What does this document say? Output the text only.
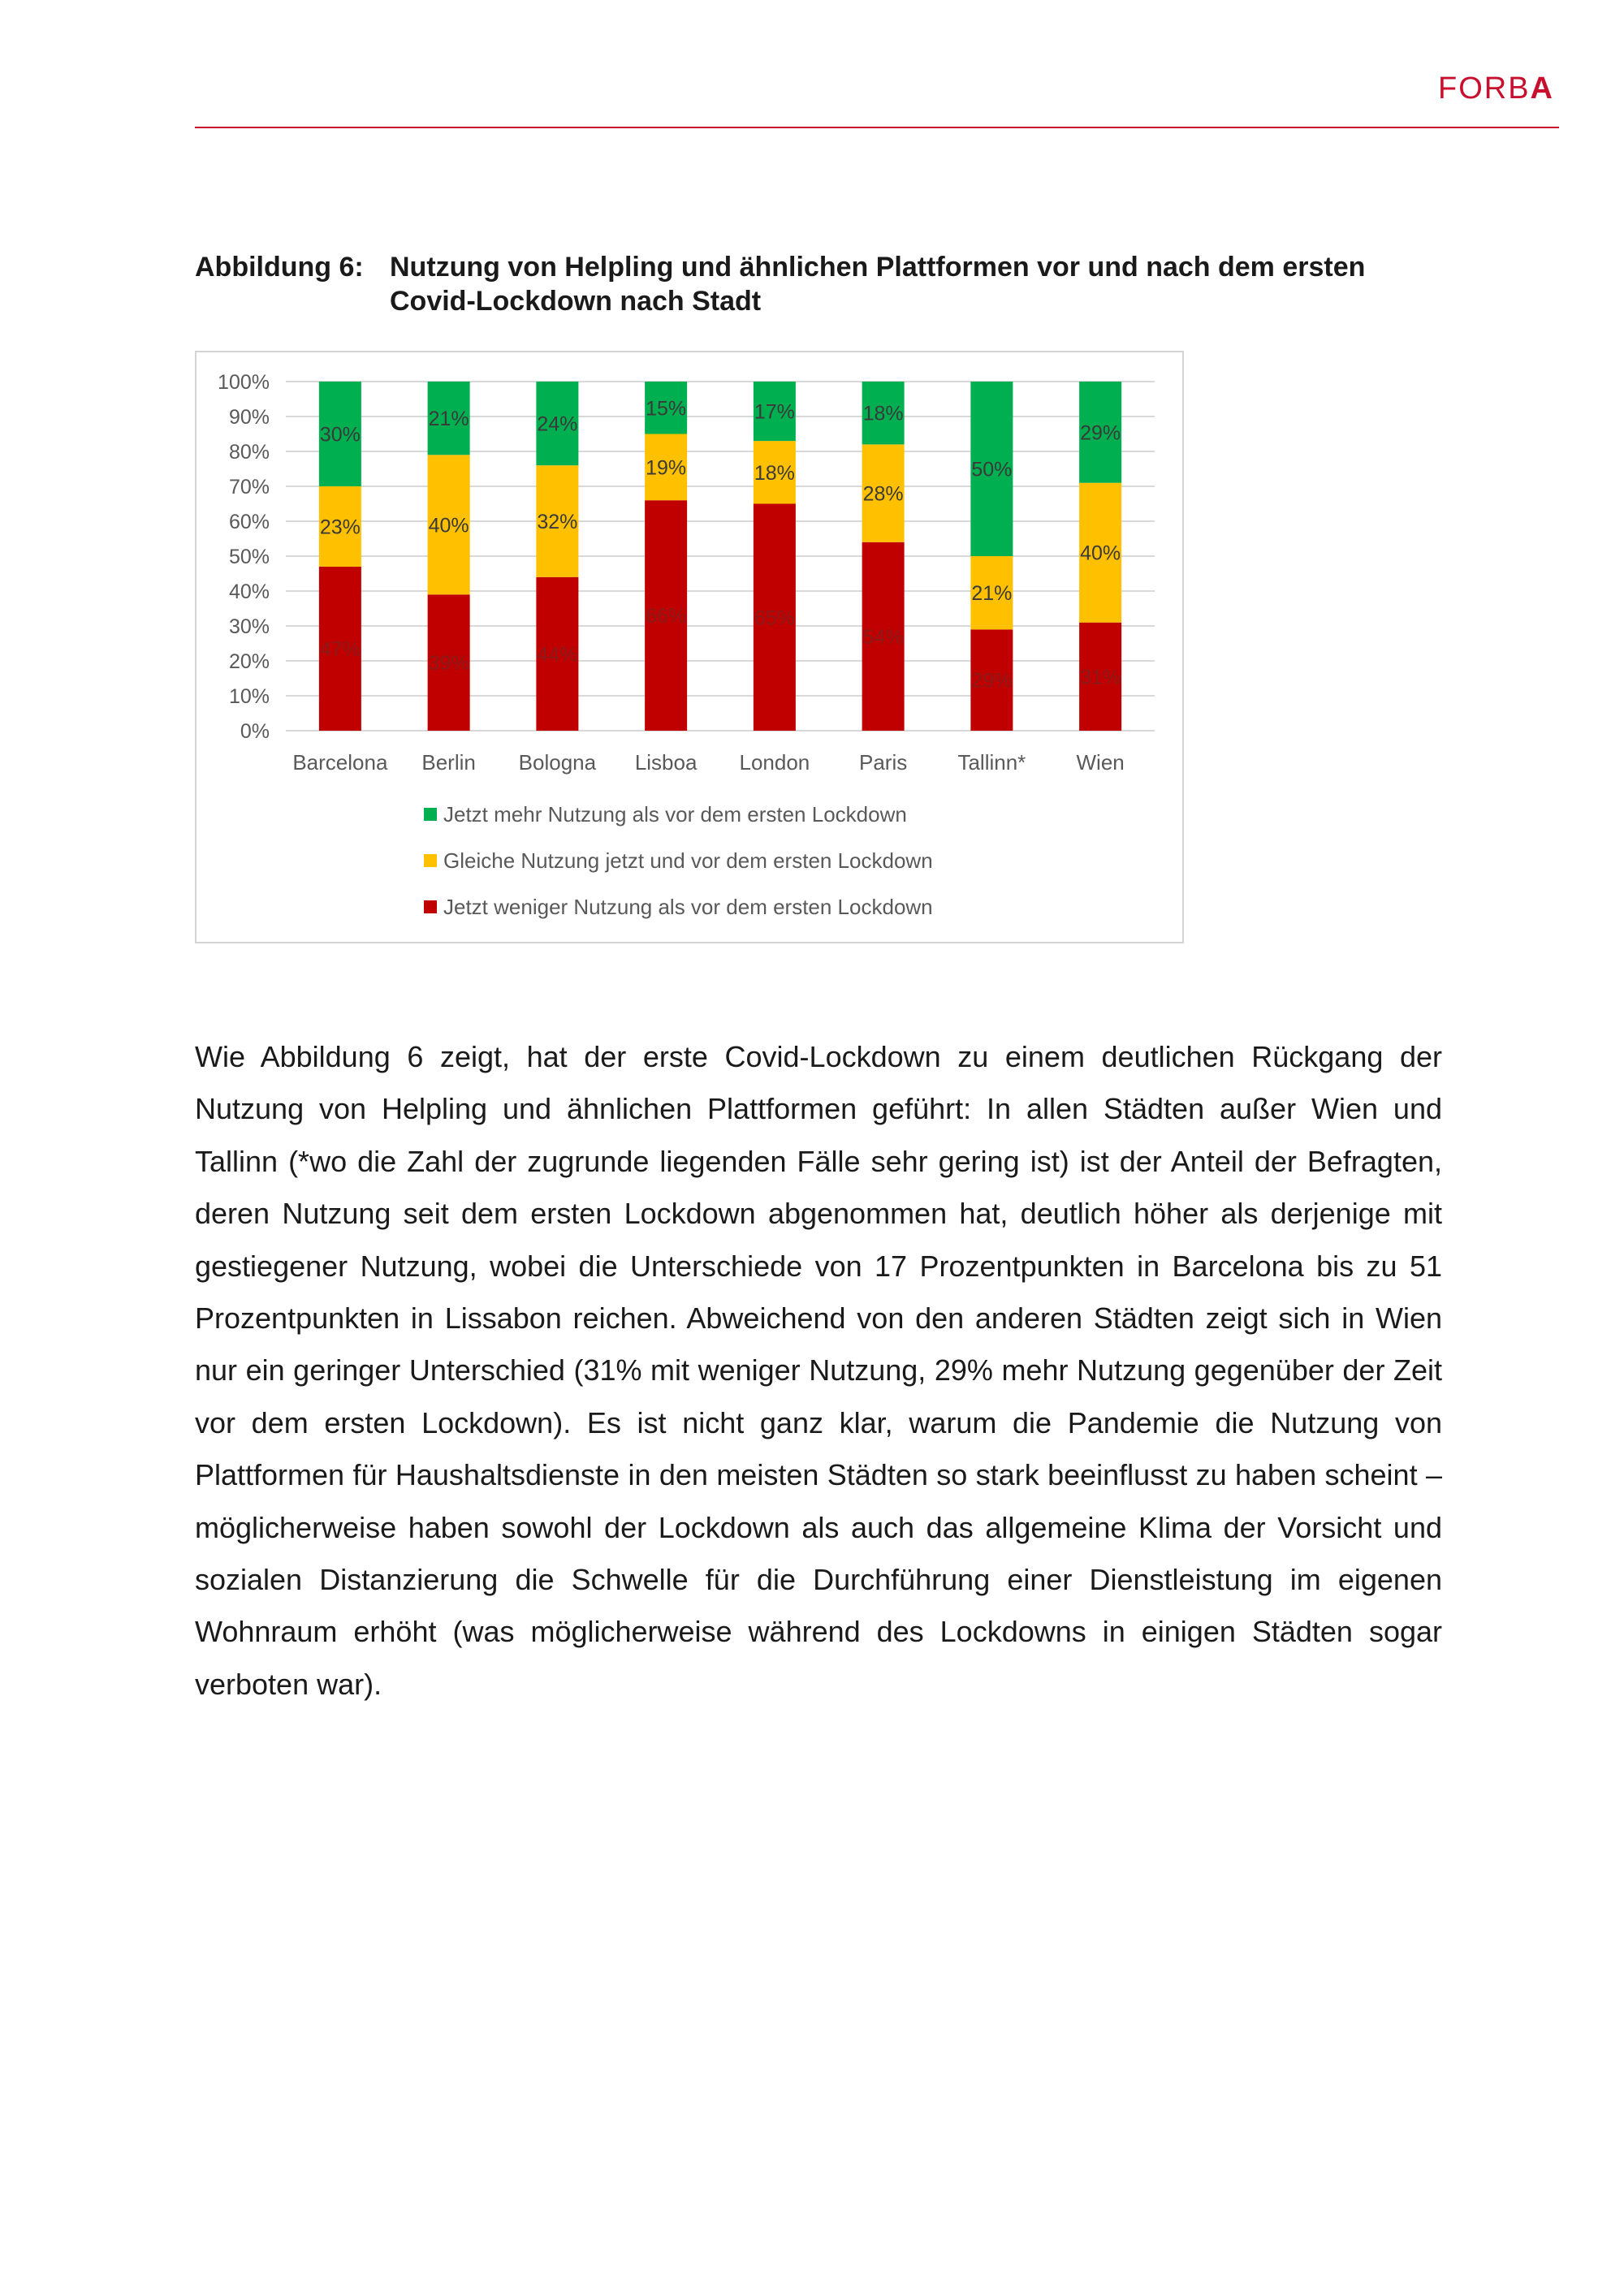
FORBA
Abbildung 6: Nutzung von Helpling und ähnlichen Plattformen vor und nach dem ersten Covid-Lockdown nach Stadt
0%
10%
20%
30%
40%
50%
60%
70%
80%
90%
100%
47%
23%
30%
Barcelona
39%
40%
21%
Berlin
44%
32%
24%
Bologna
66%
19%
15%
Lisboa
65%
18%
17%
London
54%
28%
18%
Paris
29%
21%
50%
Tallinn*
31%
40%
29%
Wien
Jetzt mehr Nutzung als vor dem ersten Lockdown
Gleiche Nutzung jetzt und vor dem ersten Lockdown
Jetzt weniger Nutzung als vor dem ersten Lockdown
Wie Abbildung 6 zeigt, hat der erste Covid-Lockdown zu einem deutlichen Rückgang der Nutzung von Helpling und ähnlichen Plattformen geführt: In allen Städten außer Wien und Tallinn (*wo die Zahl der zugrunde liegenden Fälle sehr gering ist) ist der Anteil der Befragten, deren Nutzung seit dem ersten Lockdown abgenommen hat, deutlich höher als derjenige mit gestiegener Nutzung, wobei die Unterschiede von 17 Prozentpunkten in Barcelona bis zu 51 Prozentpunkten in Lissabon reichen. Abweichend von den anderen Städten zeigt sich in Wien nur ein geringer Unterschied (31% mit weniger Nutzung, 29% mehr Nutzung gegenüber der Zeit vor dem ersten Lockdown). Es ist nicht ganz klar, warum die Pandemie die Nutzung von Plattformen für Haushaltsdienste in den meisten Städten so stark beeinflusst zu haben scheint – möglicherweise haben sowohl der Lockdown als auch das allgemeine Klima der Vorsicht und sozialen Distanzierung die Schwelle für die Durchführung einer Dienstleistung im eigenen Wohnraum erhöht (was möglicherweise während des Lockdowns in einigen Städten sogar verboten war).
